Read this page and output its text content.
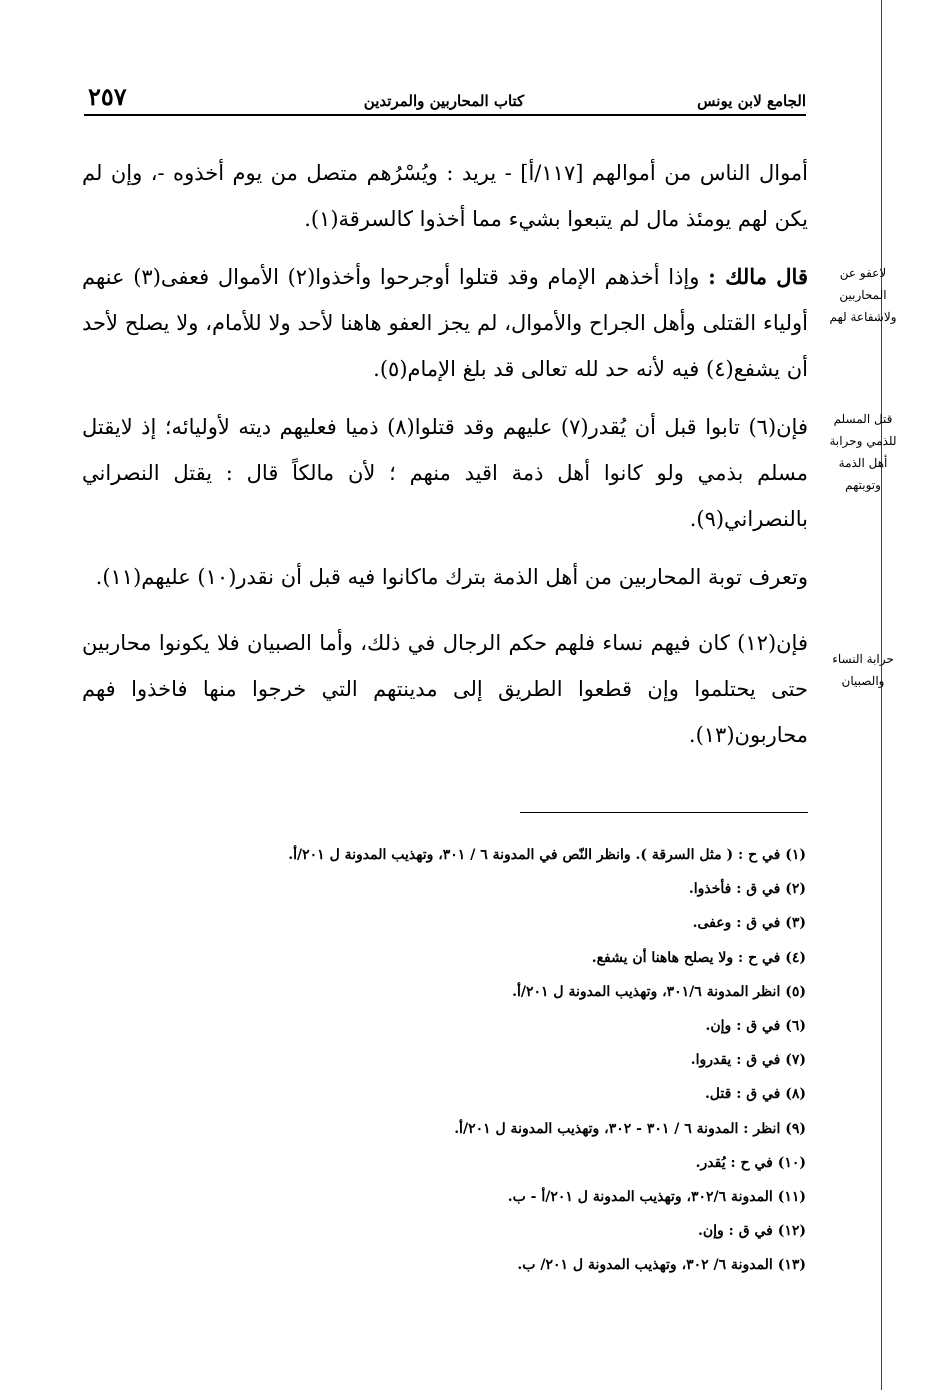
٢٥٧	كتاب المحاربين والمرتدين	الجامع لابن يونس
لاعفو عن المحاربين ولاشفاعة لهم
قتل المسلم للذمي وحرابة أهل الذمة وتوبتهم
حرابة النساء والصبيان

أموال الناس من أموالهم [١١٧/أ] - يريد : ويُسْرُهم متصل من يوم أخذوه -، وإن لم يكن لهم يومئذ مال لم يتبعوا بشيء مما أخذوا كالسرقة(١).

قال مالك : وإذا أخذهم الإمام وقد قتلوا أوجرحوا وأخذوا(٢) الأموال فعفى(٣) عنهم أولياء القتلى وأهل الجراح والأموال، لم يجز العفو هاهنا لأحد ولا للأمام، ولا يصلح لأحد أن يشفع(٤) فيه لأنه حد لله تعالى قد بلغ الإمام(٥).

فإن(٦) تابوا قبل أن يُقدر(٧) عليهم وقد قتلوا(٨) ذميا فعليهم ديته لأوليائه؛ إذ لايقتل مسلم بذمي ولو كانوا أهل ذمة اقيد منهم ؛ لأن مالكاً قال : يقتل النصراني بالنصراني(٩).

وتعرف توبة المحاربين من أهل الذمة بترك ماكانوا فيه قبل أن نقدر(١٠) عليهم(١١).

فإن(١٢) كان فيهم نساء فلهم حكم الرجال في ذلك، وأما الصبيان فلا يكونوا محاربين حتى يحتلموا وإن قطعوا الطريق إلى مدينتهم التي خرجوا منها فاخذوا فهم محاربون(١٣).

(١) في ح : ( مثل السرقة ). وانظر النّص في المدونة ٦ / ٣٠١، وتهذيب المدونة ل ٢٠١/أ.

(٢) في ق : فأخذوا.

(٣) في ق : وعفى.

(٤) في ح : ولا يصلح هاهنا أن يشفع.

(٥) انظر المدونة ٣٠١/٦، وتهذيب المدونة ل ٢٠١/أ.

(٦) في ق : وإن.

(٧) في ق : يقدروا.

(٨) في ق : قتل.

(٩) انظر : المدونة ٦ / ٣٠١ - ٣٠٢، وتهذيب المدونة ل ٢٠١/أ.

(١٠) في ح : يُقدر.

(١١) المدونة ٣٠٢/٦، وتهذيب المدونة ل ٢٠١/أ - ب.

(١٢) في ق : وإن.

(١٣) المدونة ٦/ ٣٠٢، وتهذيب المدونة ل ٢٠١/ ب.
